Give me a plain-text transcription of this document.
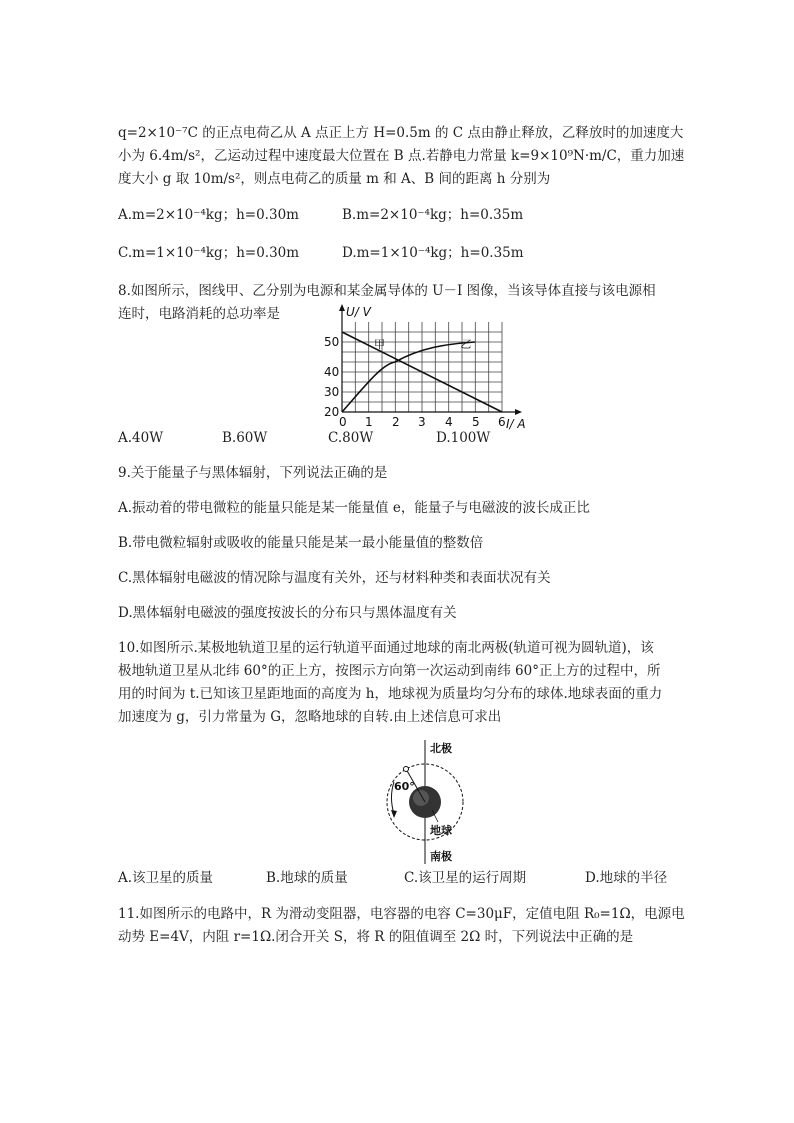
q=2×10⁻⁷C 的正点电荷乙从 A 点正上方 H=0.5m 的 C 点由静止释放，乙释放时的加速度大
小为 6.4m/s²，乙运动过程中速度最大位置在 B 点.若静电力常量 k=9×10⁹N·m/C，重力加速
度大小 g 取 10m/s²，则点电荷乙的质量 m 和 A、B 间的距离 h 分别为
A.m=2×10⁻⁴kg；h=0.30m	B.m=2×10⁻⁴kg；h=0.35m
C.m=1×10⁻⁴kg；h=0.30m	D.m=1×10⁻⁴kg；h=0.35m
8.如图所示，图线甲、乙分别为电源和某金属导体的 U－I 图像，当该导体直接与该电源相
连时，电路消耗的总功率是	U/ V
I/ A
20
30
40
50
0 1 2 3 4 5 6
甲	乙
A.40W	B.60W	C.80W	D.100W
9.关于能量子与黑体辐射，下列说法正确的是
A.振动着的带电微粒的能量只能是某一能量值 e，能量子与电磁波的波长成正比
B.带电微粒辐射或吸收的能量只能是某一最小能量值的整数倍
C.黑体辐射电磁波的情况除与温度有关外，还与材料种类和表面状况有关
D.黑体辐射电磁波的强度按波长的分布只与黑体温度有关
10.如图所示.某极地轨道卫星的运行轨道平面通过地球的南北两极(轨道可视为圆轨道)，该
极地轨道卫星从北纬 60°的正上方，按图示方向第一次运动到南纬 60°正上方的过程中，所
用的时间为 t.已知该卫星距地面的高度为 h，地球视为质量均匀分布的球体.地球表面的重力
加速度为 g，引力常量为 G，忽略地球的自转.由上述信息可求出
北极
南极
地球
60°
A.该卫星的质量	B.地球的质量	C.该卫星的运行周期	D.地球的半径
11.如图所示的电路中，R 为滑动变阻器，电容器的电容 C=30μF，定值电阻 R₀=1Ω，电源电
动势 E=4V，内阻 r=1Ω.闭合开关 S，将 R 的阻值调至 2Ω 时，下列说法中正确的是
